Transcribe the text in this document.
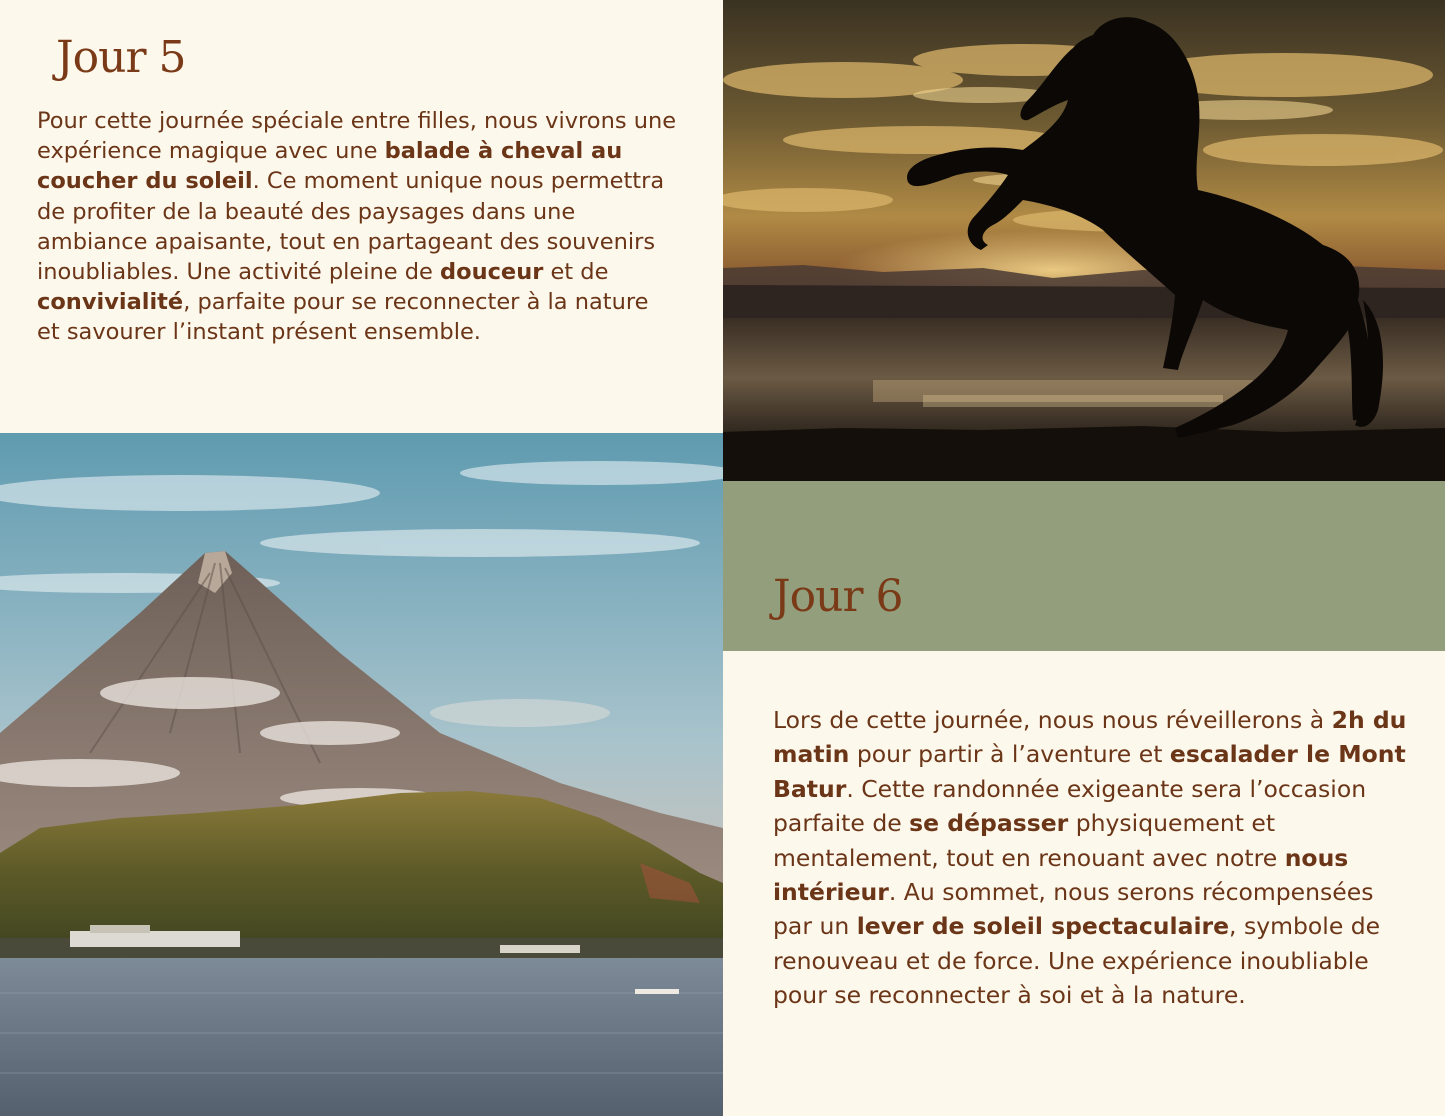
Jour 5

Pour cette journée spéciale entre filles, nous vivrons une expérience magique avec une balade à cheval au coucher du soleil. Ce moment unique nous permettra de profiter de la beauté des paysages dans une ambiance apaisante, tout en partageant des souvenirs inoubliables. Une activité pleine de douceur et de convivialité, parfaite pour se reconnecter à la nature et savourer l’instant présent ensemble.

Jour 6

Lors de cette journée, nous nous réveillerons à 2h du matin pour partir à l’aventure et escalader le Mont Batur. Cette randonnée exigeante sera l’occasion parfaite de se dépasser physiquement et mentalement, tout en renouant avec notre nous intérieur. Au sommet, nous serons récompensées par un lever de soleil spectaculaire, symbole de renouveau et de force. Une expérience inoubliable pour se reconnecter à soi et à la nature.
